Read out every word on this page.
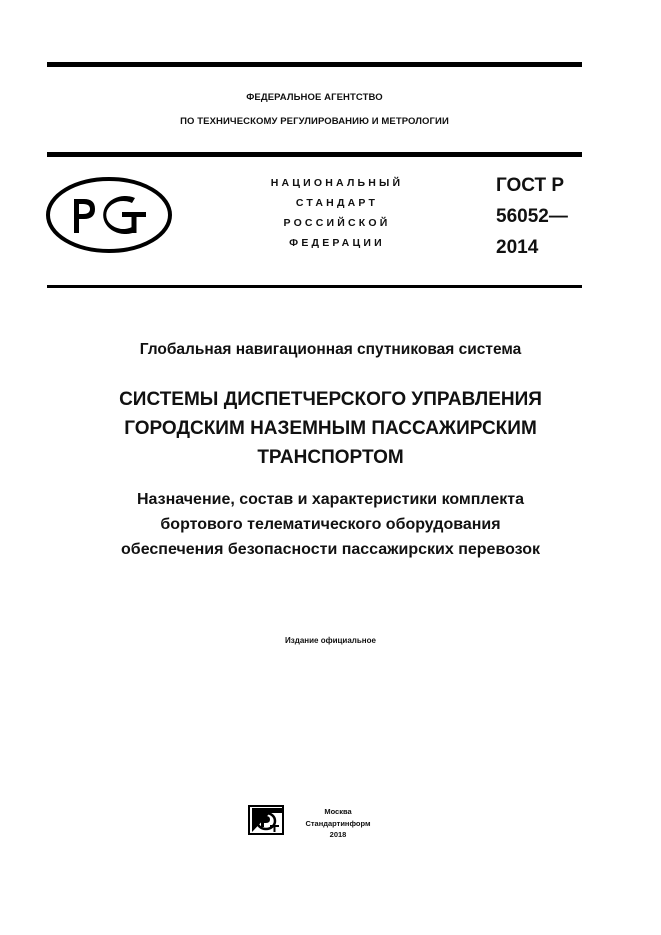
ФЕДЕРАЛЬНОЕ АГЕНТСТВО
ПО ТЕХНИЧЕСКОМУ РЕГУЛИРОВАНИЮ И МЕТРОЛОГИИ
НАЦИОНАЛЬНЫЙ
СТАНДАРТ
РОССИЙСКОЙ
ФЕДЕРАЦИИ
ГОСТ Р
56052—
2014
Глобальная навигационная спутниковая система
СИСТЕМЫ ДИСПЕТЧЕРСКОГО УПРАВЛЕНИЯ
ГОРОДСКИМ НАЗЕМНЫМ ПАССАЖИРСКИМ
ТРАНСПОРТОМ
Назначение, состав и характеристики комплекта
бортового телематического оборудования
обеспечения безопасности пассажирских перевозок
Издание официальное
Москва
Стандартинформ
2018
